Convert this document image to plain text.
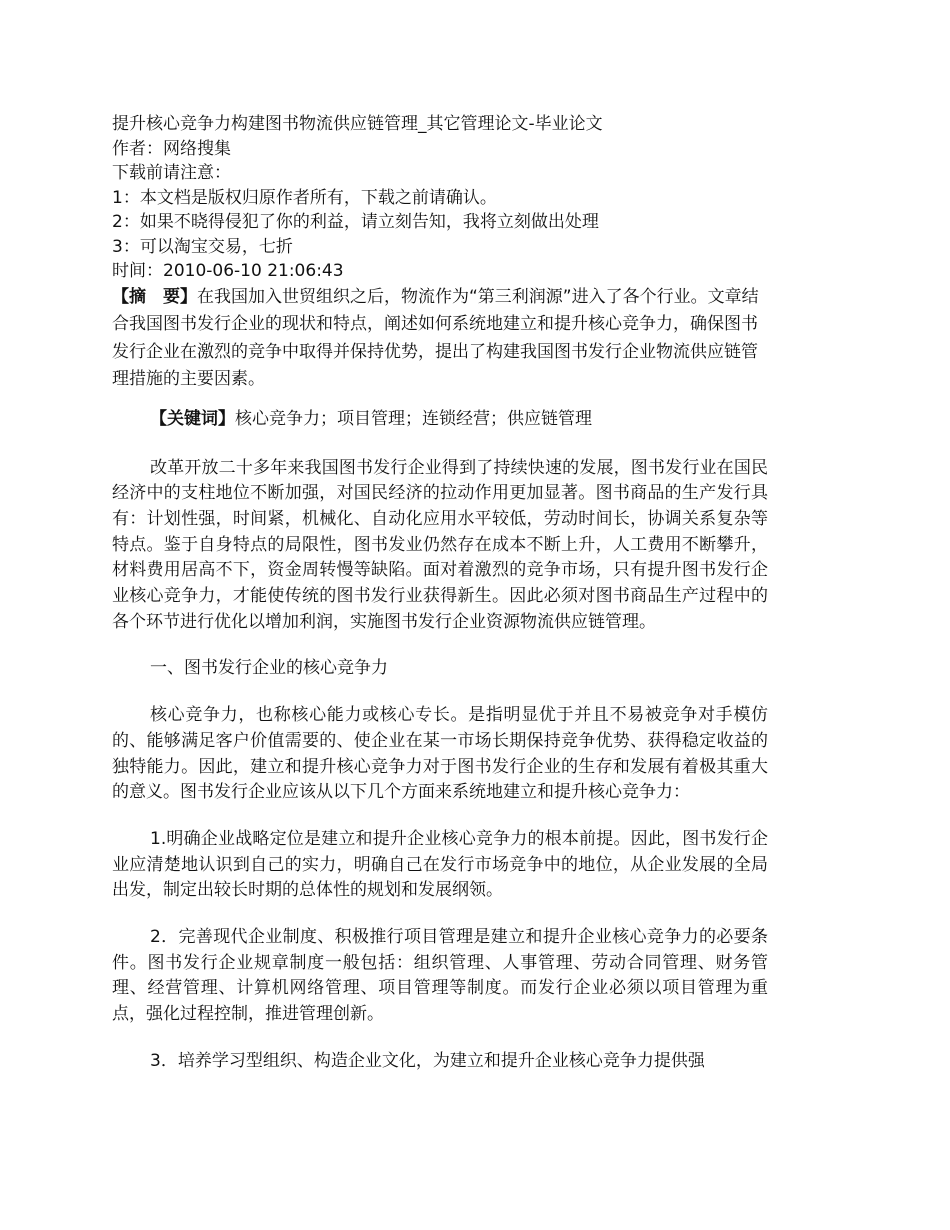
提升核心竞争力构建图书物流供应链管理_其它管理论文-毕业论文
作者：网络搜集
下载前请注意：
1：本文档是版权归原作者所有，下载之前请确认。
2：如果不晓得侵犯了你的利益，请立刻告知，我将立刻做出处理
3：可以淘宝交易，七折
时间：2010-06-10 21:06:43

【摘　要】在我国加入世贸组织之后，物流作为“第三利润源”进入了各个行业。文章结合我国图书发行企业的现状和特点，阐述如何系统地建立和提升核心竞争力，确保图书发行企业在激烈的竞争中取得并保持优势，提出了构建我国图书发行企业物流供应链管理措施的主要因素。

【关键词】核心竞争力；项目管理；连锁经营；供应链管理

改革开放二十多年来我国图书发行企业得到了持续快速的发展，图书发行业在国民经济中的支柱地位不断加强，对国民经济的拉动作用更加显著。图书商品的生产发行具有：计划性强，时间紧，机械化、自动化应用水平较低，劳动时间长，协调关系复杂等特点。鉴于自身特点的局限性，图书发业仍然存在成本不断上升，人工费用不断攀升，材料费用居高不下，资金周转慢等缺陷。面对着激烈的竞争市场，只有提升图书发行企业核心竞争力，才能使传统的图书发行业获得新生。因此必须对图书商品生产过程中的各个环节进行优化以增加利润，实施图书发行企业资源物流供应链管理。

一、图书发行企业的核心竞争力

核心竞争力，也称核心能力或核心专长。是指明显优于并且不易被竞争对手模仿的、能够满足客户价值需要的、使企业在某一市场长期保持竞争优势、获得稳定收益的独特能力。因此，建立和提升核心竞争力对于图书发行企业的生存和发展有着极其重大的意义。图书发行企业应该从以下几个方面来系统地建立和提升核心竞争力：

1.明确企业战略定位是建立和提升企业核心竞争力的根本前提。因此，图书发行企业应清楚地认识到自己的实力，明确自己在发行市场竞争中的地位，从企业发展的全局出发，制定出较长时期的总体性的规划和发展纲领。

2．完善现代企业制度、积极推行项目管理是建立和提升企业核心竞争力的必要条件。图书发行企业规章制度一般包括：组织管理、人事管理、劳动合同管理、财务管理、经营管理、计算机网络管理、项目管理等制度。而发行企业必须以项目管理为重点，强化过程控制，推进管理创新。

3．培养学习型组织、构造企业文化，为建立和提升企业核心竞争力提供强
